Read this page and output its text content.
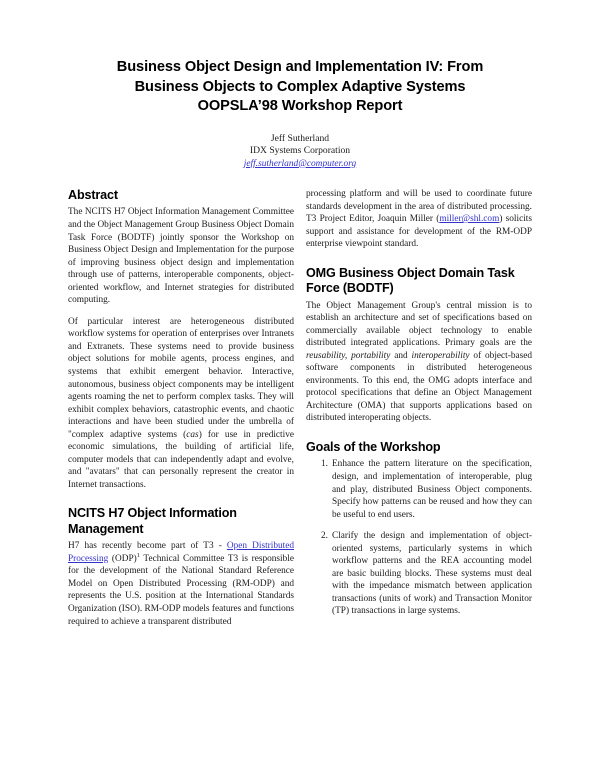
Business Object Design and Implementation IV: From
Business Objects to Complex Adaptive Systems
OOPSLA’98 Workshop Report
Jeff Sutherland
IDX Systems Corporation
jeff.sutherland@computer.org
Abstract

The NCITS H7 Object Information Management Committee and the Object Management Group Business Object Domain Task Force (BODTF) jointly sponsor the Workshop on Business Object Design and Implementation for the purpose of improving business object design and implementation through use of patterns, interoperable components, object-oriented workflow, and Internet strategies for distributed computing.

Of particular interest are heterogeneous distributed workflow systems for operation of enterprises over Intranets and Extranets. These systems need to provide business object solutions for mobile agents, process engines, and systems that exhibit emergent behavior. Interactive, autonomous, business object components may be intelligent agents roaming the net to perform complex tasks. They will exhibit complex behaviors, catastrophic events, and chaotic interactions and have been studied under the umbrella of "complex adaptive systems (cas) for use in predictive economic simulations, the building of artificial life, computer models that can independently adapt and evolve, and "avatars" that can personally represent the creator in Internet transactions.

NCITS H7 Object Information Management

H7 has recently become part of T3 - Open Distributed Processing (ODP)$^1$ Technical Committee T3 is responsible for the development of the National Standard Reference Model on Open Distributed Processing (RM-ODP) and represents the U.S. position at the International Standards Organization (ISO). RM-ODP models features and functions required to achieve a transparent distributed

processing platform and will be used to coordinate future standards development in the area of distributed processing. T3 Project Editor, Joaquin Miller (miller@shl.com) solicits support and assistance for development of the RM-ODP enterprise viewpoint standard.

OMG Business Object Domain Task Force (BODTF)

The Object Management Group's central mission is to establish an architecture and set of specifications based on commercially available object technology to enable distributed integrated applications. Primary goals are the reusability, portability and interoperability of object-based software components in distributed heterogeneous environments. To this end, the OMG adopts interface and protocol specifications that define an Object Management Architecture (OMA) that supports applications based on distributed interoperating objects.

Goals of the Workshop
Enhance the pattern literature on the specification, design, and implementation of interoperable, plug and play, distributed Business Object components. Specify how patterns can be reused and how they can be useful to end users.
Clarify the design and implementation of object-oriented systems, particularly systems in which workflow patterns and the REA accounting model are basic building blocks. These systems must deal with the impedance mismatch between application transactions (units of work) and Transaction Monitor (TP) transactions in large systems.
